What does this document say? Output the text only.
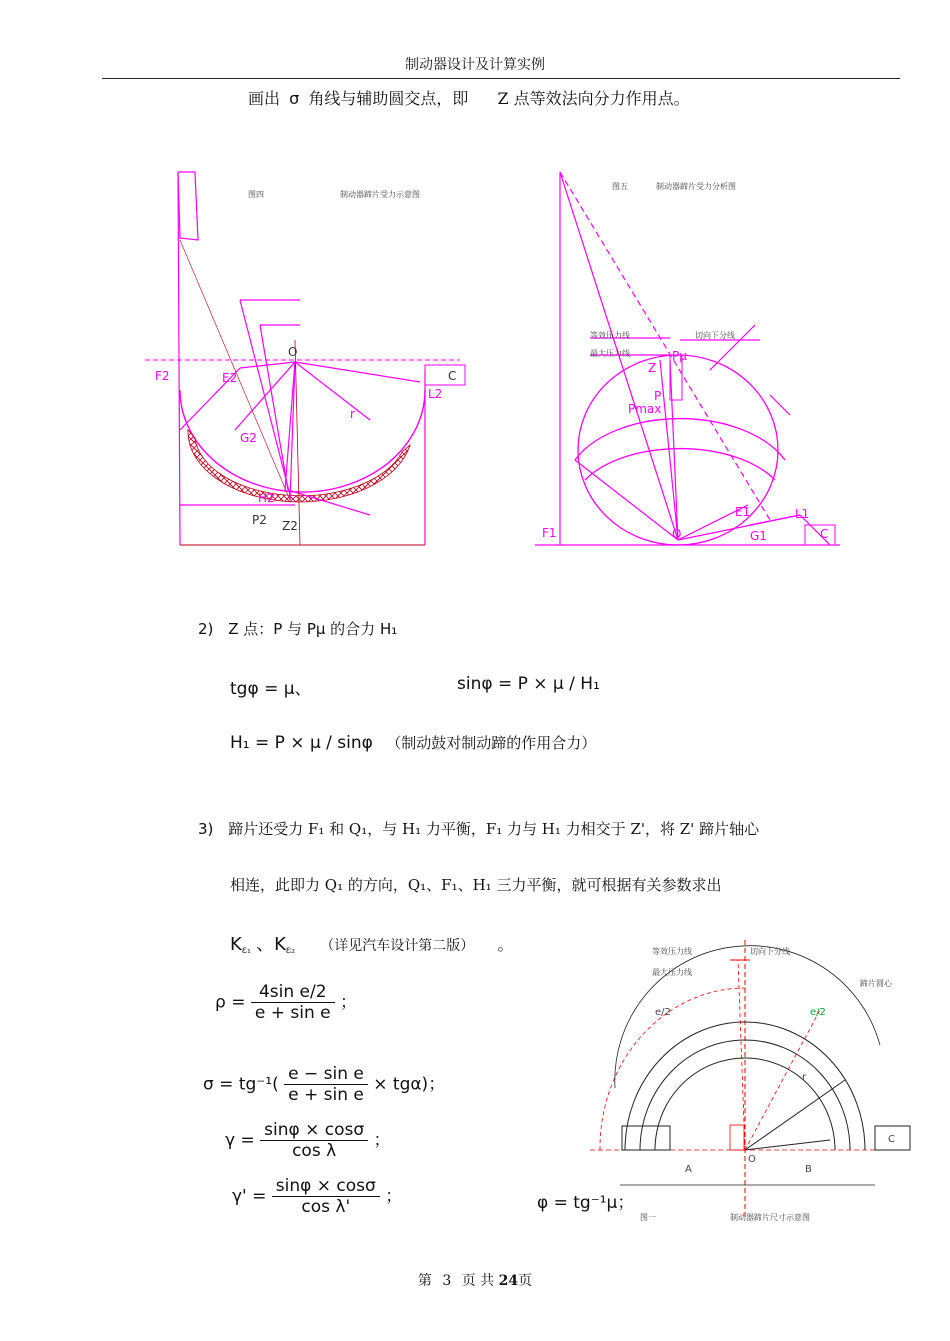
制动器设计及计算实例
画出 σ 角线与辅助圆交点，即 Z 点等效法向分力作用点。
F2	E2
G2
H2
L2
r
P2 Z2
O
C
图四	制动器蹄片受力示意图
F1	O
E1
G1
L1
C
P
Pμ
Pmax
Z
图五	制动器蹄片受力分析图
等效压力线
最大压力线
切向下分线
2) Z 点：P 与 Pμ 的合力 H₁
tgφ = μ、	sinφ = P × μ / H₁
H₁ = P × μ / sinφ （制动鼓对制动蹄的作用合力）
3) 蹄片还受力 F₁ 和 Q₁，与 H₁ 力平衡，F₁ 力与 H₁ 力相交于 Z'，将 Z' 蹄片轴心
相连，此即力 Q₁ 的方向，Q₁、F₁、H₁ 三力平衡，就可根据有关参数求出
$K_{\varepsilon_1}$ 、$K_{\varepsilon_2}$ （详见汽车设计第二版） 。
$\rho = \frac{\text{4sin e/2}}{\text{e + sin e}}$ ；
$\sigma = tg^{-1}( \frac{\text{e − sin e}}{\text{e + sin e}} \times tg\alpha)$；
$\gamma = \frac{\sin\varphi \times \cos\sigma}{\text{cos λ}}$ ；
$\gamma' = \frac{\sin\varphi \times \cos\sigma}{\text{cos λ'}}$ ；	φ = tg⁻¹μ；
等效压力线
最大压力线
切向下分线
蹄片圆心
图一	制动器蹄片尺寸示意图
e/2	e/2
A	B
O
C
r
第 3 页 共 24页
